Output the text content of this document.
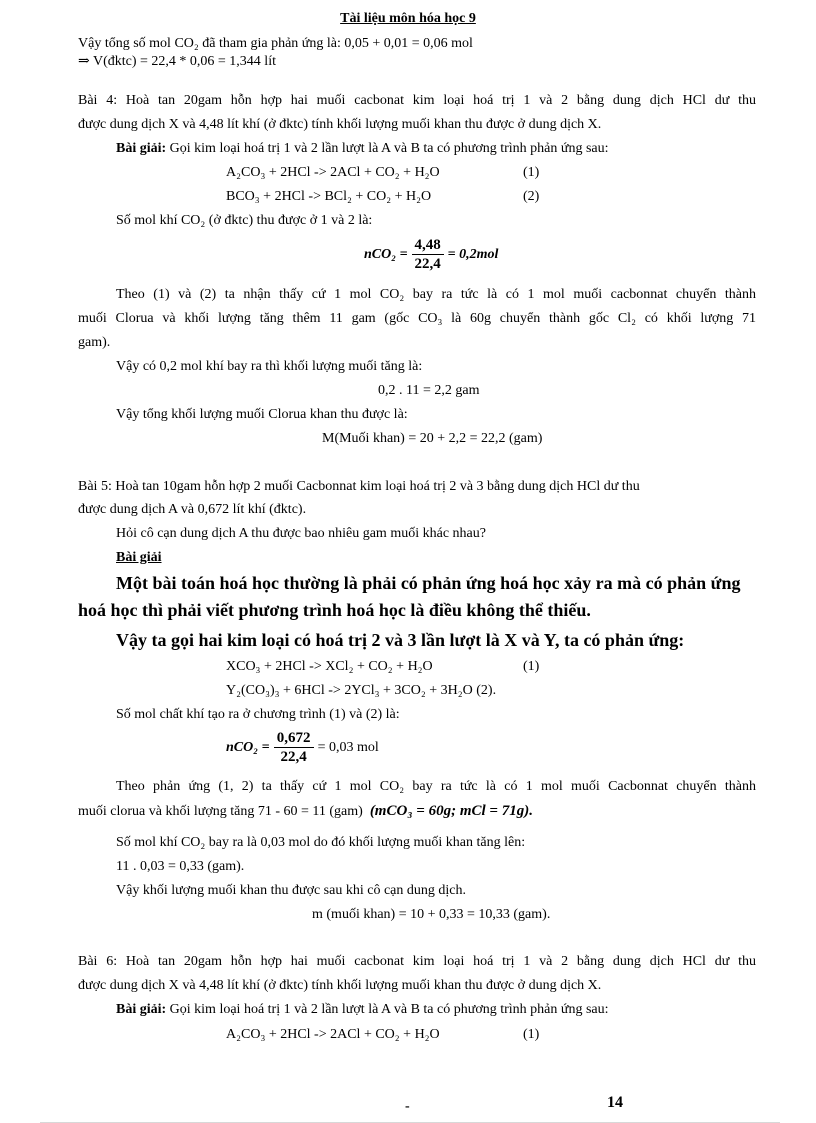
Tài liệu môn hóa học 9
Vậy tổng số mol CO₂ đã tham gia phản ứng là: 0,05 + 0,01 = 0,06 mol
⇒ V(đktc) = 22,4 * 0,06 = 1,344 lít
Bài 4: Hoà tan 20gam hỗn hợp hai muối cacbonat kim loại hoá trị 1 và 2 bằng dung dịch HCl dư thu
được dung dịch X và 4,48 lít khí (ở đktc) tính khối lượng muối khan thu được ở dung dịch X.
Bài giải: Gọi kim loại hoá trị 1 và 2 lần lượt là A và B ta có phương trình phản ứng sau:
A₂CO₃ + 2HCl -> 2ACl + CO₂ + H₂O	(1)
BCO₃ + 2HCl -> BCl₂ + CO₂ + H₂O	(2)
Số mol khí CO₂ (ở đktc) thu được ở 1 và 2 là:
$nCO_2 = \frac{4,48}{22,4} = 0,2mol$
Theo (1) và (2) ta nhận thấy cứ 1 mol CO₂ bay ra tức là có 1 mol muối cacbonnat chuyển thành
muối Clorua và khối lượng tăng thêm 11 gam (gốc CO₃ là 60g chuyển thành gốc Cl₂ có khối lượng 71
gam).
Vậy có 0,2 mol khí bay ra thì khối lượng muối tăng là:
0,2 . 11 = 2,2 gam
Vậy tổng khối lượng muối Clorua khan thu được là:
M(Muối khan) = 20 + 2,2 = 22,2 (gam)
Bài 5: Hoà tan 10gam hỗn hợp 2 muối Cacbonnat kim loại hoá trị 2 và 3 bằng dung dịch HCl dư thu
được dung dịch A và 0,672 lít khí (đktc).
Hỏi cô cạn dung dịch A thu được bao nhiêu gam muối khác nhau?
Bài giải
Một bài toán hoá học thường là phải có phản ứng hoá học xảy ra mà có phản ứng
hoá học thì phải viết phương trình hoá học là điều không thể thiếu.
Vậy ta gọi hai kim loại có hoá trị 2 và 3 lần lượt là X và Y, ta có phản ứng:
XCO₃ + 2HCl -> XCl₂ + CO₂ + H₂O	(1)
Y₂(CO₃)₃ + 6HCl -> 2YCl₃ + 3CO₂ + 3H₂O (2).
Số mol chất khí tạo ra ở chương trình (1) và (2) là:
$nCO_2 = \frac{0,672}{22,4} = 0,03$ mol
Theo phản ứng (1, 2) ta thấy cứ 1 mol CO₂ bay ra tức là có 1 mol muối Cacbonnat chuyển thành
muối clorua và khối lượng tăng 71 - 60 = 11 (gam) (mCO₃ = 60g; mCl = 71g).
Số mol khí CO₂ bay ra là 0,03 mol do đó khối lượng muối khan tăng lên:
11 . 0,03 = 0,33 (gam).
Vậy khối lượng muối khan thu được sau khi cô cạn dung dịch.
m (muối khan) = 10 + 0,33 = 10,33 (gam).
Bài 6: Hoà tan 20gam hỗn hợp hai muối cacbonat kim loại hoá trị 1 và 2 bằng dung dịch HCl dư thu
được dung dịch X và 4,48 lít khí (ở đktc) tính khối lượng muối khan thu được ở dung dịch X.
Bài giải: Gọi kim loại hoá trị 1 và 2 lần lượt là A và B ta có phương trình phản ứng sau:
A₂CO₃ + 2HCl -> 2ACl + CO₂ + H₂O	(1)
-	14
